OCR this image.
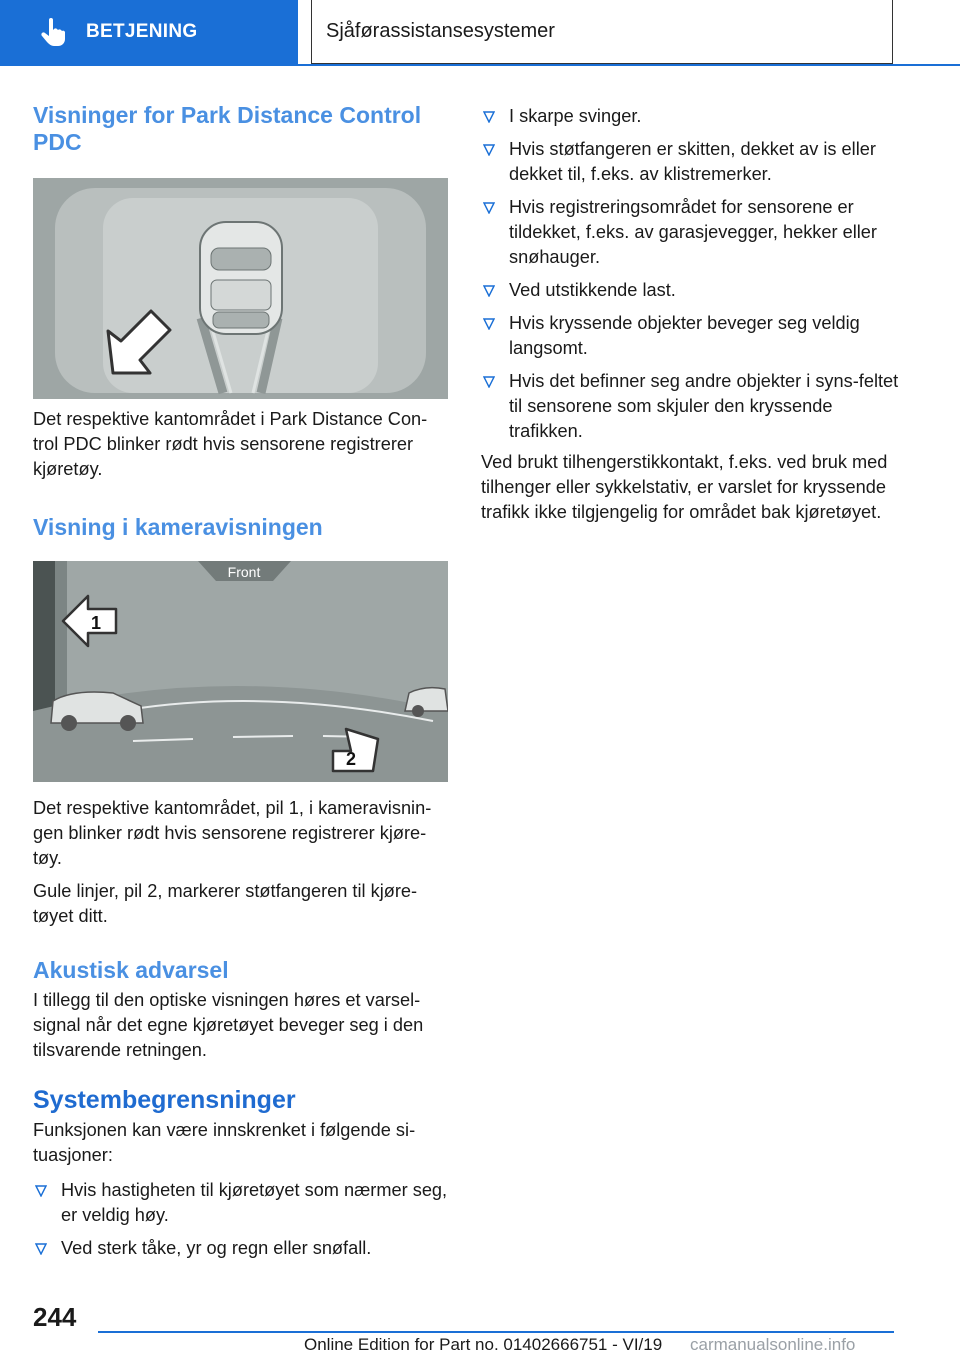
BETJENING	Sjåførassistansesystemer
Visninger for Park Distance Control PDC

Det respektive kantområdet i Park Distance Con-trol PDC blinker rødt hvis sensorene registrerer kjøretøy.

Visning i kameravisningen
Front
1
2

Det respektive kantområdet, pil 1, i kameravisnin-gen blinker rødt hvis sensorene registrerer kjøre-tøy.

Gule linjer, pil 2, markerer støtfangeren til kjøre-tøyet ditt.

Akustisk advarsel

I tillegg til den optiske visningen høres et varsel-signal når det egne kjøretøyet beveger seg i den tilsvarende retningen.

Systembegrensninger

Funksjonen kan være innskrenket i følgende si-tuasjoner:

Hvis hastigheten til kjøretøyet som nærmer seg, er veldig høy.
Ved sterk tåke, yr og regn eller snøfall.
I skarpe svinger.
Hvis støtfangeren er skitten, dekket av is eller dekket til, f.eks. av klistremerker.
Hvis registreringsområdet for sensorene er tildekket, f.eks. av garasjevegger, hekker eller snøhauger.
Ved utstikkende last.
Hvis kryssende objekter beveger seg veldig langsomt.
Hvis det befinner seg andre objekter i syns-feltet til sensorene som skjuler den kryssende trafikken.

Ved brukt tilhengerstikkontakt, f.eks. ved bruk med tilhenger eller sykkelstativ, er varslet for kryssende trafikk ikke tilgjengelig for området bak kjøretøyet.

244
Online Edition for Part no. 01402666751 - VI/19 carmanualsonline.info
